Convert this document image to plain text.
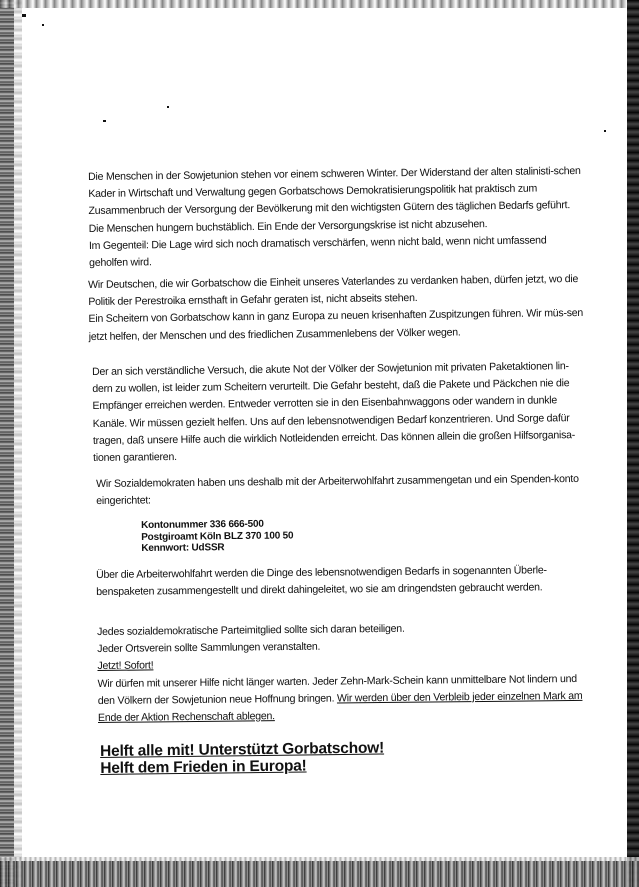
Die Menschen in der Sowjetunion stehen vor einem schweren Winter. Der Widerstand der alten stalinisti-schen Kader in Wirtschaft und Verwaltung gegen Gorbatschows Demokratisierungspolitik hat praktisch zum Zusammenbruch der Versorgung der Bevölkerung mit den wichtigsten Gütern des täglichen Bedarfs geführt. Die Menschen hungern buchstäblich. Ein Ende der Versorgungskrise ist nicht abzusehen.

Im Gegenteil: Die Lage wird sich noch dramatisch verschärfen, wenn nicht bald, wenn nicht umfassend geholfen wird.

Wir Deutschen, die wir Gorbatschow die Einheit unseres Vaterlandes zu verdanken haben, dürfen jetzt, wo die Politik der Perestroika ernsthaft in Gefahr geraten ist, nicht abseits stehen.

Ein Scheitern von Gorbatschow kann in ganz Europa zu neuen krisenhaften Zuspitzungen führen. Wir müs-sen jetzt helfen, der Menschen und des friedlichen Zusammenlebens der Völker wegen.

Der an sich verständliche Versuch, die akute Not der Völker der Sowjetunion mit privaten Paketaktionen lin-dern zu wollen, ist leider zum Scheitern verurteilt. Die Gefahr besteht, daß die Pakete und Päckchen nie die Empfänger erreichen werden. Entweder verrotten sie in den Eisenbahnwaggons oder wandern in dunkle Kanäle. Wir müssen gezielt helfen. Uns auf den lebensnotwendigen Bedarf konzentrieren. Und Sorge dafür tragen, daß unsere Hilfe auch die wirklich Notleidenden erreicht. Das können allein die großen Hilfsorganisa-tionen garantieren.

Wir Sozialdemokraten haben uns deshalb mit der Arbeiterwohlfahrt zusammengetan und ein Spenden-konto eingerichtet:

Kontonummer 336 666-500
Postgiroamt Köln BLZ 370 100 50
Kennwort: UdSSR

Über die Arbeiterwohlfahrt werden die Dinge des lebensnotwendigen Bedarfs in sogenannten Überle-benspaketen zusammengestellt und direkt dahingeleitet, wo sie am dringendsten gebraucht werden.

Jedes sozialdemokratische Parteimitglied sollte sich daran beteiligen.

Jeder Ortsverein sollte Sammlungen veranstalten.

Jetzt! Sofort!

Wir dürfen mit unserer Hilfe nicht länger warten. Jeder Zehn-Mark-Schein kann unmittelbare Not lindern und den Völkern der Sowjetunion neue Hoffnung bringen. Wir werden über den Verbleib jeder einzelnen Mark am Ende der Aktion Rechenschaft ablegen.

Helft alle mit! Unterstützt Gorbatschow!
Helft dem Frieden in Europa!
